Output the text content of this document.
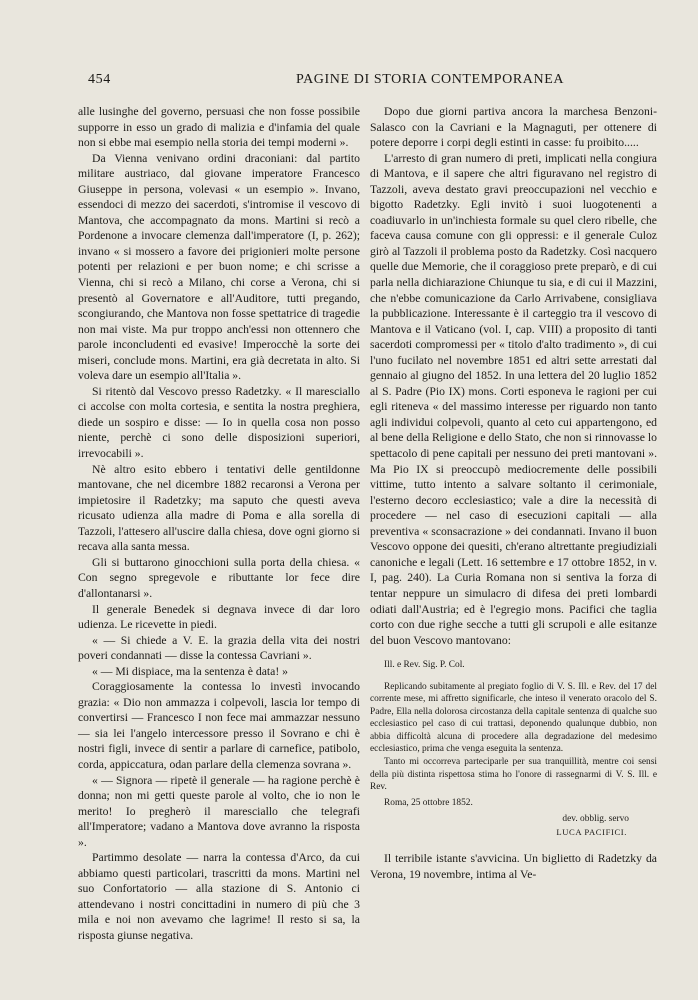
454	PAGINE DI STORIA CONTEMPORANEA

alle lusinghe del governo, persuasi che non fosse possibile supporre in esso un grado di malizia e d'infamia del quale non si ebbe mai esempio nella storia dei tempi moderni ».

Da Vienna venivano ordini draconiani: dal partito militare austriaco, dal giovane imperatore Francesco Giuseppe in persona, volevasi « un esempio ». Invano, essendoci di mezzo dei sacerdoti, s'intromise il vescovo di Mantova, che accompagnato da mons. Martini si recò a Pordenone a invocare clemenza dall'imperatore (I, p. 262); invano « si mossero a favore dei prigionieri molte persone potenti per relazioni e per buon nome; e chi scrisse a Vienna, chi si recò a Milano, chi corse a Verona, chi si presentò al Governatore e all'Auditore, tutti pregando, scongiurando, che Mantova non fosse spettatrice di tragedie non mai viste. Ma pur troppo anch'essi non ottennero che parole inconcludenti ed evasive! Imperocchè la sorte dei miseri, conclude mons. Martini, era già decretata in alto. Si voleva dare un esempio all'Italia ».

Si ritentò dal Vescovo presso Radetzky. « Il maresciallo ci accolse con molta cortesia, e sentita la nostra preghiera, diede un sospiro e disse: — Io in quella cosa non posso niente, perchè ci sono delle disposizioni superiori, irrevocabili ».

Nè altro esito ebbero i tentativi delle gentildonne mantovane, che nel dicembre 1882 recaronsi a Verona per impietosire il Radetzky; ma saputo che questi aveva ricusato udienza alla madre di Poma e alla sorella di Tazzoli, l'attesero all'uscire dalla chiesa, dove ogni giorno si recava alla santa messa.

Gli si buttarono ginocchioni sulla porta della chiesa. « Con segno spregevole e ributtante lor fece dire d'allontanarsi ».

Il generale Benedek si degnava invece di dar loro udienza. Le ricevette in piedi.

« — Si chiede a V. E. la grazia della vita dei nostri poveri condannati — disse la contessa Cavriani ».

« — Mi dispiace, ma la sentenza è data! »

Coraggiosamente la contessa lo investì invocando grazia: « Dio non ammazza i colpevoli, lascia lor tempo di convertirsi — Francesco I non fece mai ammazzar nessuno — sia lei l'angelo intercessore presso il Sovrano e chi è nostri figli, invece di sentir a parlare di carnefice, patibolo, corda, appiccatura, odan parlare della clemenza sovrana ».

« — Signora — ripetè il generale — ha ragione perchè è donna; non mi getti queste parole al volto, che io non le merito! Io pregherò il maresciallo che telegrafi all'Imperatore; vadano a Mantova dove avranno la risposta ».

Partimmo desolate — narra la contessa d'Arco, da cui abbiamo questi particolari, trascritti da mons. Martini nel suo Confortatorio — alla stazione di S. Antonio ci attendevano i nostri concittadini in numero di più che 3 mila e noi non avevamo che lagrime! Il resto si sa, la risposta giunse negativa.

Dopo due giorni partiva ancora la marchesa Benzoni-Salasco con la Cavriani e la Magnaguti, per ottenere di potere deporre i corpi degli estinti in casse: fu proibito.....

L'arresto di gran numero di preti, implicati nella congiura di Mantova, e il sapere che altri figuravano nel registro di Tazzoli, aveva destato gravi preoccupazioni nel vecchio e bigotto Radetzky. Egli invitò i suoi luogotenenti a coadiuvarlo in un'inchiesta formale su quel clero ribelle, che faceva causa comune con gli oppressi: e il generale Culoz girò al Tazzoli il problema posto da Radetzky. Così nacquero quelle due Memorie, che il coraggioso prete preparò, e di cui parla nella dichiarazione Chiunque tu sia, e di cui il Mazzini, che n'ebbe comunicazione da Carlo Arrivabene, consigliava la pubblicazione. Interessante è il carteggio tra il vescovo di Mantova e il Vaticano (vol. I, cap. VIII) a proposito di tanti sacerdoti compromessi per « titolo d'alto tradimento », di cui l'uno fucilato nel novembre 1851 ed altri sette arrestati dal gennaio al giugno del 1852. In una lettera del 20 luglio 1852 al S. Padre (Pio IX) mons. Corti esponeva le ragioni per cui egli riteneva « del massimo interesse per riguardo non tanto agli individui colpevoli, quanto al ceto cui appartengono, ed al bene della Religione e dello Stato, che non si rinnovasse lo spettacolo di pene capitali per nessuno dei preti mantovani ». Ma Pio IX si preoccupò mediocremente delle possibili vittime, tutto intento a salvare soltanto il cerimoniale, l'esterno decoro ecclesiastico; vale a dire la necessità di procedere — nel caso di esecuzioni capitali — alla preventiva « sconsacrazione » dei condannati. Invano il buon Vescovo oppone dei quesiti, ch'erano altrettante pregiudiziali canoniche e legali (Lett. 16 settembre e 17 ottobre 1852, in v. I, pag. 240). La Curia Romana non si sentiva la forza di tentar neppure un simulacro di difesa dei preti lombardi odiati dall'Austria; ed è l'egregio mons. Pacifici che taglia corto con due righe secche a tutti gli scrupoli e alle esitanze del buon Vescovo mantovano:

Ill. e Rev. Sig. P. Col.

Replicando subitamente al pregiato foglio di V. S. Ill. e Rev. del 17 del corrente mese, mi affretto significarle, che inteso il venerato oracolo del S. Padre, Ella nella dolorosa circostanza della capitale sentenza di qualche suo ecclesiastico pel caso di cui trattasi, deponendo qualunque dubbio, non abbia difficoltà alcuna di procedere alla degradazione del medesimo ecclesiastico, prima che venga eseguita la sentenza.

Tanto mi occorreva parteciparle per sua tranquillità, mentre coi sensi della più distinta rispettosa stima ho l'onore di rassegnarmi di V. S. Ill. e Rev.

Roma, 25 ottobre 1852.

dev. obblig. servo

LUCA PACIFICI.

Il terribile istante s'avvicina. Un biglietto di Radetzky da Verona, 19 novembre, intima al Ve-
